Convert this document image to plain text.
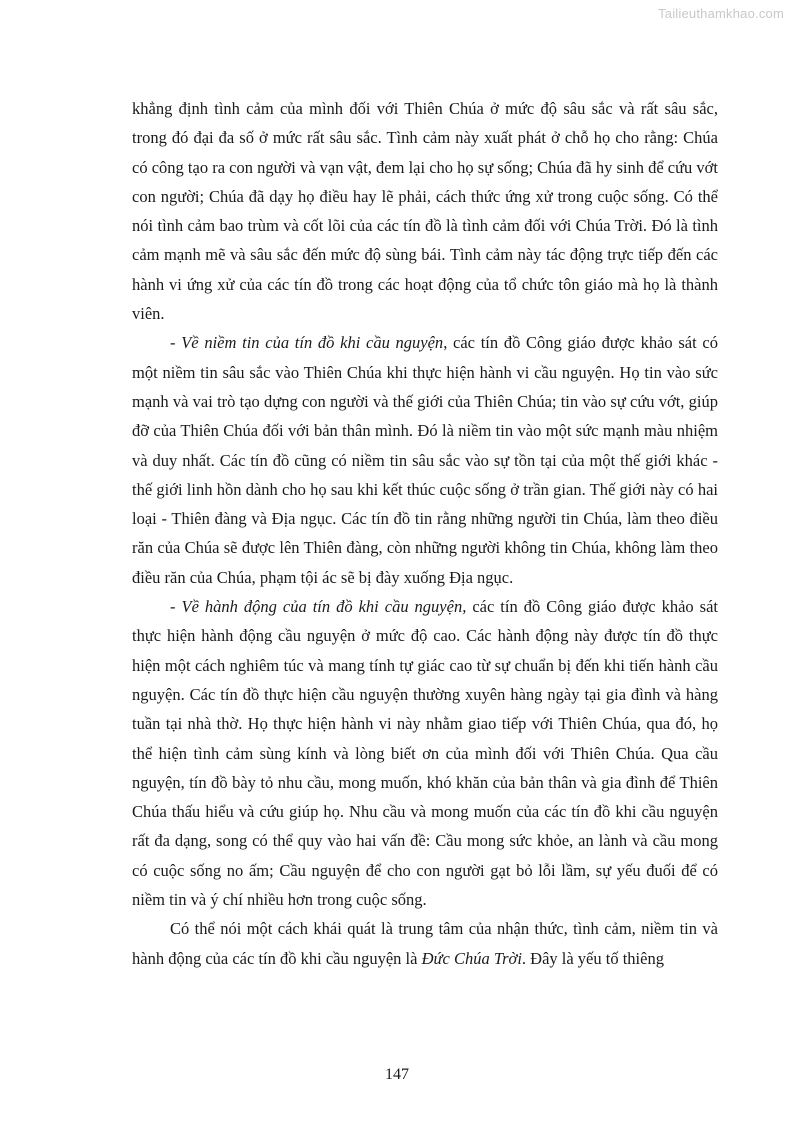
Tailieuthamkhao.com

khẳng định tình cảm của mình đối với Thiên Chúa ở mức độ sâu sắc và rất sâu sắc, trong đó đại đa số ở mức rất sâu sắc. Tình cảm này xuất phát ở chỗ họ cho rằng: Chúa có công tạo ra con người và vạn vật, đem lại cho họ sự sống; Chúa đã hy sinh để cứu vớt con người; Chúa đã dạy họ điều hay lẽ phải, cách thức ứng xử trong cuộc sống. Có thể nói tình cảm bao trùm và cốt lõi của các tín đồ là tình cảm đối với Chúa Trời. Đó là tình cảm mạnh mẽ và sâu sắc đến mức độ sùng bái. Tình cảm này tác động trực tiếp đến các hành vi ứng xử của các tín đồ trong các hoạt động của tổ chức tôn giáo mà họ là thành viên.

- Về niềm tin của tín đồ khi cầu nguyện, các tín đồ Công giáo được khảo sát có một niềm tin sâu sắc vào Thiên Chúa khi thực hiện hành vi cầu nguyện. Họ tin vào sức mạnh và vai trò tạo dựng con người và thế giới của Thiên Chúa; tin vào sự cứu vớt, giúp đỡ của Thiên Chúa đối với bản thân mình. Đó là niềm tin vào một sức mạnh màu nhiệm và duy nhất. Các tín đồ cũng có niềm tin sâu sắc vào sự tồn tại của một thế giới khác - thế giới linh hồn dành cho họ sau khi kết thúc cuộc sống ở trần gian. Thế giới này có hai loại - Thiên đàng và Địa ngục. Các tín đồ tin rằng những người tin Chúa, làm theo điều răn của Chúa sẽ được lên Thiên đàng, còn những người không tin Chúa, không làm theo điều răn của Chúa, phạm tội ác sẽ bị đày xuống Địa ngục.

- Về hành động của tín đồ khi cầu nguyện, các tín đồ Công giáo được khảo sát thực hiện hành động cầu nguyện ở mức độ cao. Các hành động này được tín đồ thực hiện một cách nghiêm túc và mang tính tự giác cao từ sự chuẩn bị đến khi tiến hành cầu nguyện. Các tín đồ thực hiện cầu nguyện thường xuyên hàng ngày tại gia đình và hàng tuần tại nhà thờ. Họ thực hiện hành vi này nhằm giao tiếp với Thiên Chúa, qua đó, họ thể hiện tình cảm sùng kính và lòng biết ơn của mình đối với Thiên Chúa. Qua cầu nguyện, tín đồ bày tỏ nhu cầu, mong muốn, khó khăn của bản thân và gia đình để Thiên Chúa thấu hiểu và cứu giúp họ. Nhu cầu và mong muốn của các tín đồ khi cầu nguyện rất đa dạng, song có thể quy vào hai vấn đề: Cầu mong sức khỏe, an lành và cầu mong có cuộc sống no ấm; Cầu nguyện để cho con người gạt bỏ lỗi lầm, sự yếu đuối để có niềm tin và ý chí nhiều hơn trong cuộc sống.

Có thể nói một cách khái quát là trung tâm của nhận thức, tình cảm, niềm tin và hành động của các tín đồ khi cầu nguyện là Đức Chúa Trời. Đây là yếu tố thiêng

147
